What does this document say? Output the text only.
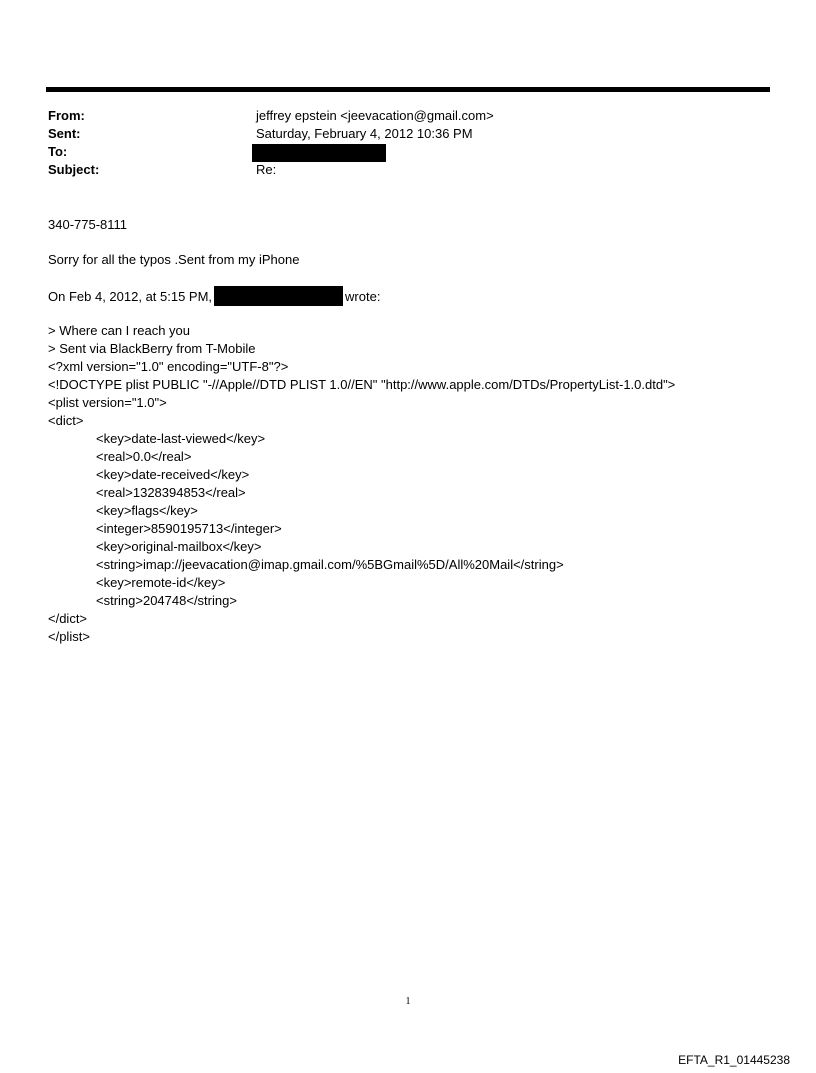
From:	jeffrey epstein <jeevacation@gmail.com>
Sent:	Saturday, February 4, 2012 10:36 PM
To:
Subject:	Re:
340-775-8111
Sorry for all the typos .Sent from my iPhone
On Feb 4, 2012, at 5:15 PM,	wrote:
> Where can I reach you
> Sent via BlackBerry from T-Mobile
<?xml version="1.0" encoding="UTF-8"?>
<!DOCTYPE plist PUBLIC "-//Apple//DTD PLIST 1.0//EN" "http://www.apple.com/DTDs/PropertyList-1.0.dtd">
<plist version="1.0">
<dict>
<key>date-last-viewed</key>
<real>0.0</real>
<key>date-received</key>
<real>1328394853</real>
<key>flags</key>
<integer>8590195713</integer>
<key>original-mailbox</key>
<string>imap://jeevacation@imap.gmail.com/%5BGmail%5D/All%20Mail</string>
<key>remote-id</key>
<string>204748</string>
</dict>
</plist>
1
EFTA_R1_01445238
